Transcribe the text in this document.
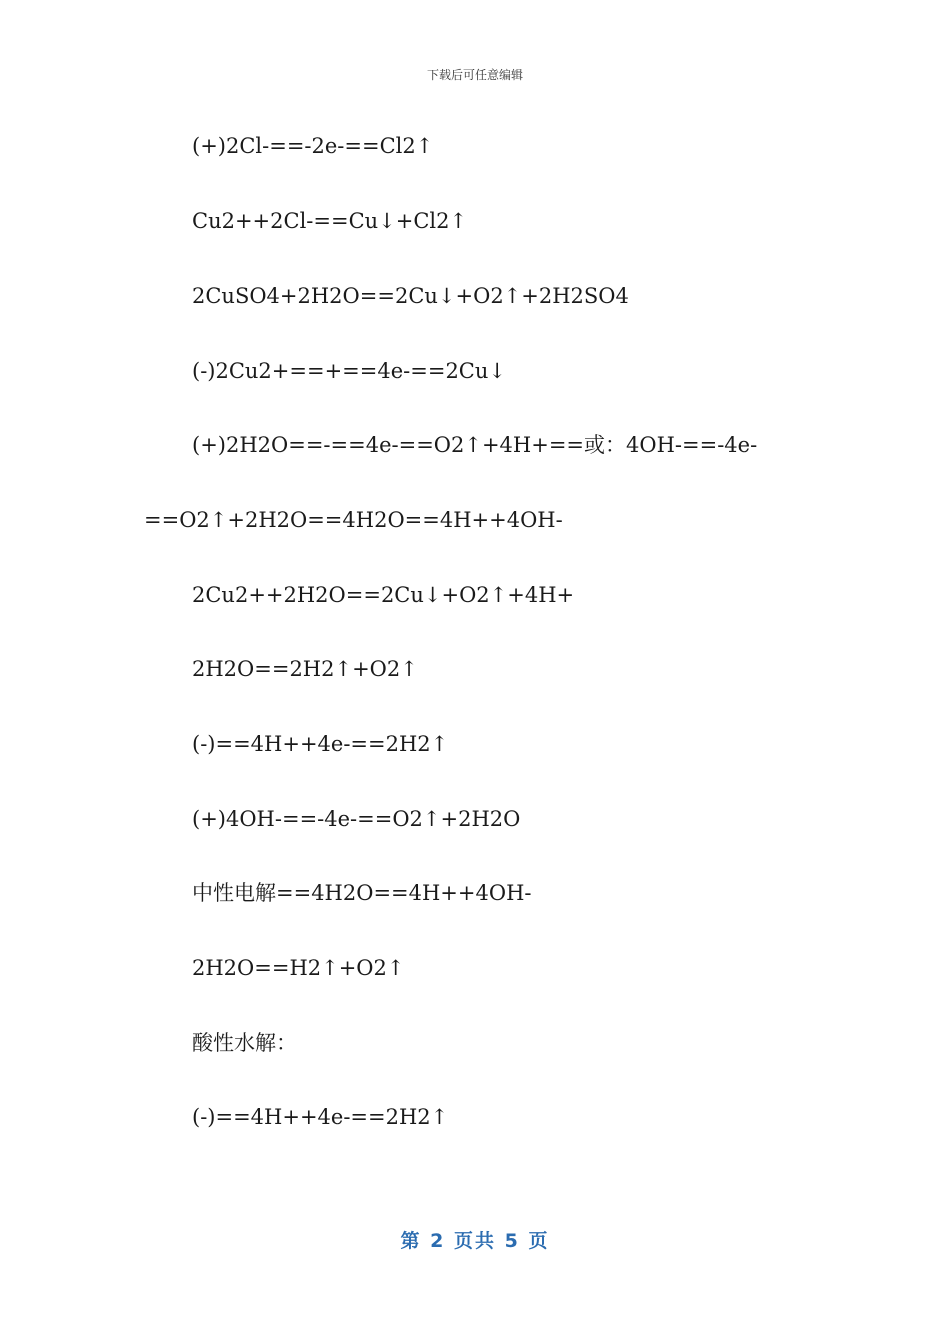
下载后可任意编辑
(+)2Cl-==-2e-==Cl2↑
Cu2++2Cl-==Cu↓+Cl2↑
2CuSO4+2H2O==2Cu↓+O2↑+2H2SO4
(-)2Cu2+==+==4e-==2Cu↓
(+)2H2O==-==4e-==O2↑+4H+==或：4OH-==-4e-
==O2↑+2H2O==4H2O==4H++4OH-
2Cu2++2H2O==2Cu↓+O2↑+4H+
2H2O==2H2↑+O2↑
(-)==4H++4e-==2H2↑
(+)4OH-==-4e-==O2↑+2H2O
中性电解==4H2O==4H++4OH-
2H2O==H2↑+O2↑
酸性水解：
(-)==4H++4e-==2H2↑
第 2 页共 5 页
